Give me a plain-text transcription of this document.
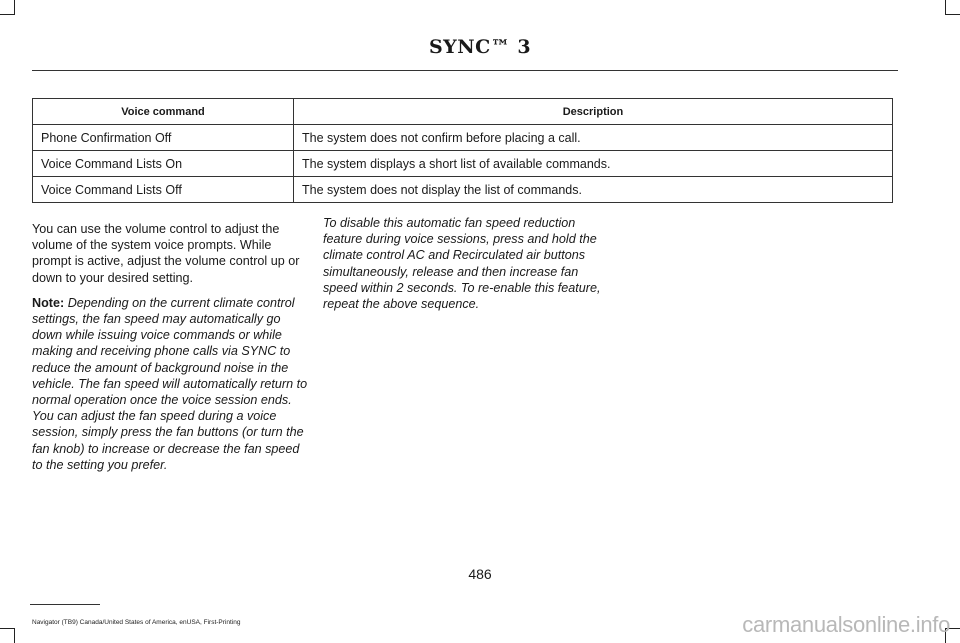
SYNC™ 3
Voice command	Description
Phone Confirmation Off	The system does not confirm before placing a call.
Voice Command Lists On	The system displays a short list of available commands.
Voice Command Lists Off	The system does not display the list of commands.

You can use the volume control to adjust the volume of the system voice prompts. While prompt is active, adjust the volume control up or down to your desired setting.

Note: Depending on the current climate control settings, the fan speed may automatically go down while issuing voice commands or while making and receiving phone calls via SYNC to reduce the amount of background noise in the vehicle. The fan speed will automatically return to normal operation once the voice session ends. You can adjust the fan speed during a voice session, simply press the fan buttons (or turn the fan knob) to increase or decrease the fan speed to the setting you prefer.

To disable this automatic fan speed reduction feature during voice sessions, press and hold the climate control AC and Recirculated air buttons simultaneously, release and then increase fan speed within 2 seconds. To re-enable this feature, repeat the above sequence.

486
Navigator (TB9) Canada/United States of America, enUSA, First-Printing	carmanualsonline.info
